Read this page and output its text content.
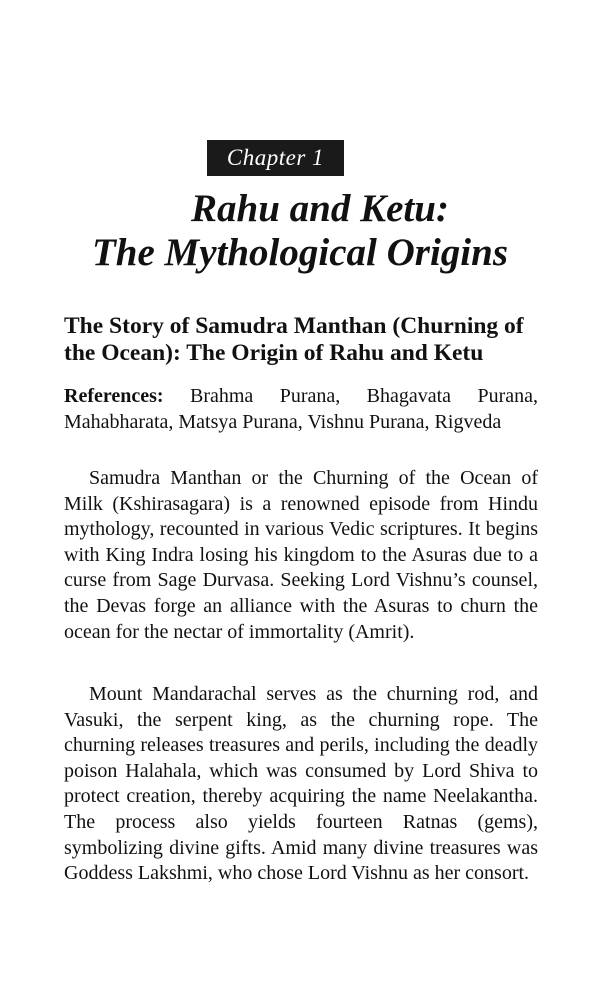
Chapter 1
Rahu and Ketu:
The Mythological Origins
The Story of Samudra Manthan (Churning of the Ocean): The Origin of Rahu and Ketu
References: Brahma Purana, Bhagavata Purana, Mahabharata, Matsya Purana, Vishnu Purana, Rigveda
Samudra Manthan or the Churning of the Ocean of Milk (Kshirasagara) is a renowned episode from Hindu mythology, recounted in various Vedic scriptures. It begins with King Indra losing his kingdom to the Asuras due to a curse from Sage Durvasa. Seeking Lord Vishnu’s counsel, the Devas forge an alliance with the Asuras to churn the ocean for the nectar of immortality (Amrit).
Mount Mandarachal serves as the churning rod, and Vasuki, the serpent king, as the churning rope. The churning releases treasures and perils, including the deadly poison Halahala, which was consumed by Lord Shiva to protect creation, thereby acquiring the name Neelakantha. The process also yields fourteen Ratnas (gems), symbolizing divine gifts. Amid many divine treasures was Goddess Lakshmi, who chose Lord Vishnu as her consort.
